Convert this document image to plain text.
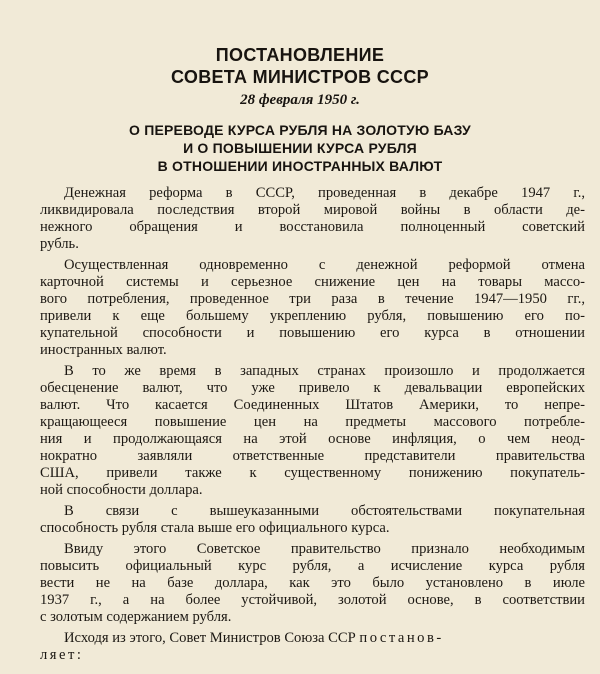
ПОСТАНОВЛЕНИЕ
СОВЕТА МИНИСТРОВ СССР
28 февраля 1950 г.
О ПЕРЕВОДЕ КУРСА РУБЛЯ НА ЗОЛОТУЮ БАЗУ
И О ПОВЫШЕНИИ КУРСА РУБЛЯ
В ОТНОШЕНИИ ИНОСТРАННЫХ ВАЛЮТ
Денежная реформа в СССР, проведенная в декабре 1947 г.,
ликвидировала последствия второй мировой войны в области де-
нежного обращения и восстановила полноценный советский
рубль.
Осуществленная одновременно с денежной реформой отмена
карточной системы и серьезное снижение цен на товары массо-
вого потребления, проведенное три раза в течение 1947—1950 гг.,
привели к еще большему укреплению рубля, повышению его по-
купательной способности и повышению его курса в отношении
иностранных валют.
В то же время в западных странах произошло и продолжается
обесценение валют, что уже привело к девальвации европейских
валют. Что касается Соединенных Штатов Америки, то непре-
кращающееся повышение цен на предметы массового потребле-
ния и продолжающаяся на этой основе инфляция, о чем неод-
нократно заявляли ответственные представители правительства
США, привели также к существенному понижению покупатель-
ной способности доллара.
В связи с вышеуказанными обстоятельствами покупательная
способность рубля стала выше его официального курса.
Ввиду этого Советское правительство признало необходимым
повысить официальный курс рубля, а исчисление курса рубля
вести не на базе доллара, как это было установлено в июле
1937 г., а на более устойчивой, золотой основе, в соответствии
с золотым содержанием рубля.
Исходя из этого, Совет Министров Союза ССР постанов-
ляет:
